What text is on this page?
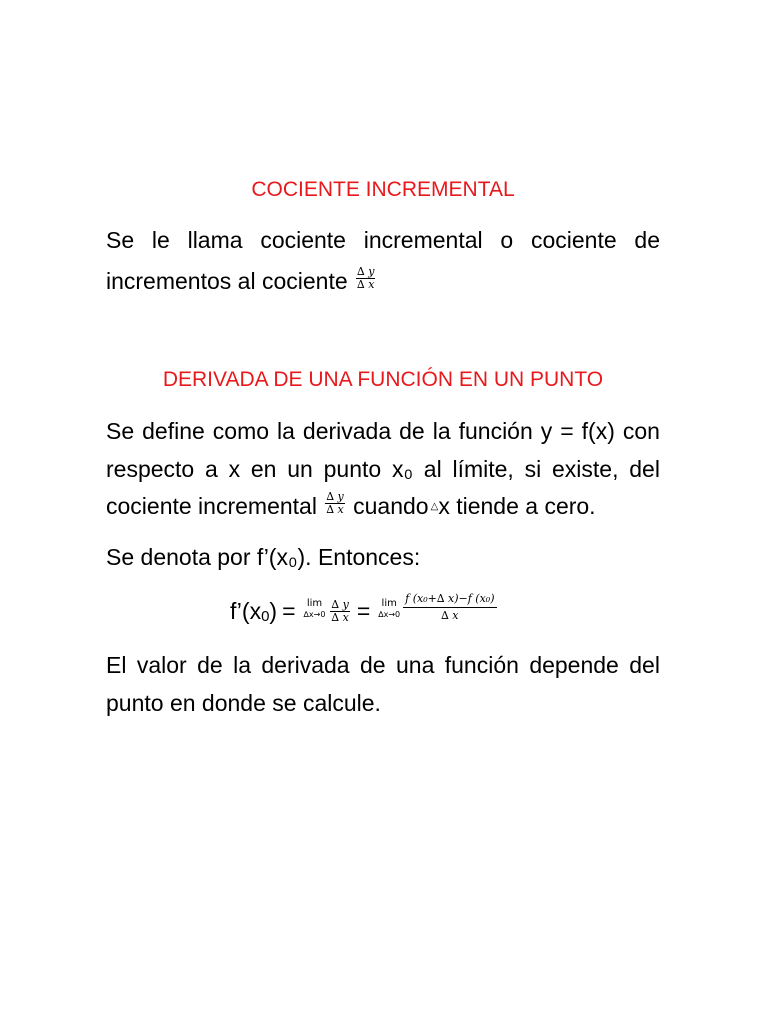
COCIENTE INCREMENTAL
Se le llama cociente incremental o cociente de
incrementos al cociente $\frac{\Delta y}{\Delta x}$
DERIVADA DE UNA FUNCIÓN EN UN PUNTO
Se define como la derivada de la función y = f(x) con
respecto a x en un punto x₀ al límite, si existe, del
cociente incremental $\frac{\Delta y}{\Delta x}$ cuando △x tiende a cero.
Se denota por f’(x₀). Entonces:
f’(x0) = lim
$\Delta x\to 0 \frac{\Delta y}{\Delta x} = \lim$
$\Delta x\to 0 \frac{\text{f (x₀+∆ x)−f (x₀)}}{\Delta x}$
El valor de la derivada de una función depende del
punto en donde se calcule.
